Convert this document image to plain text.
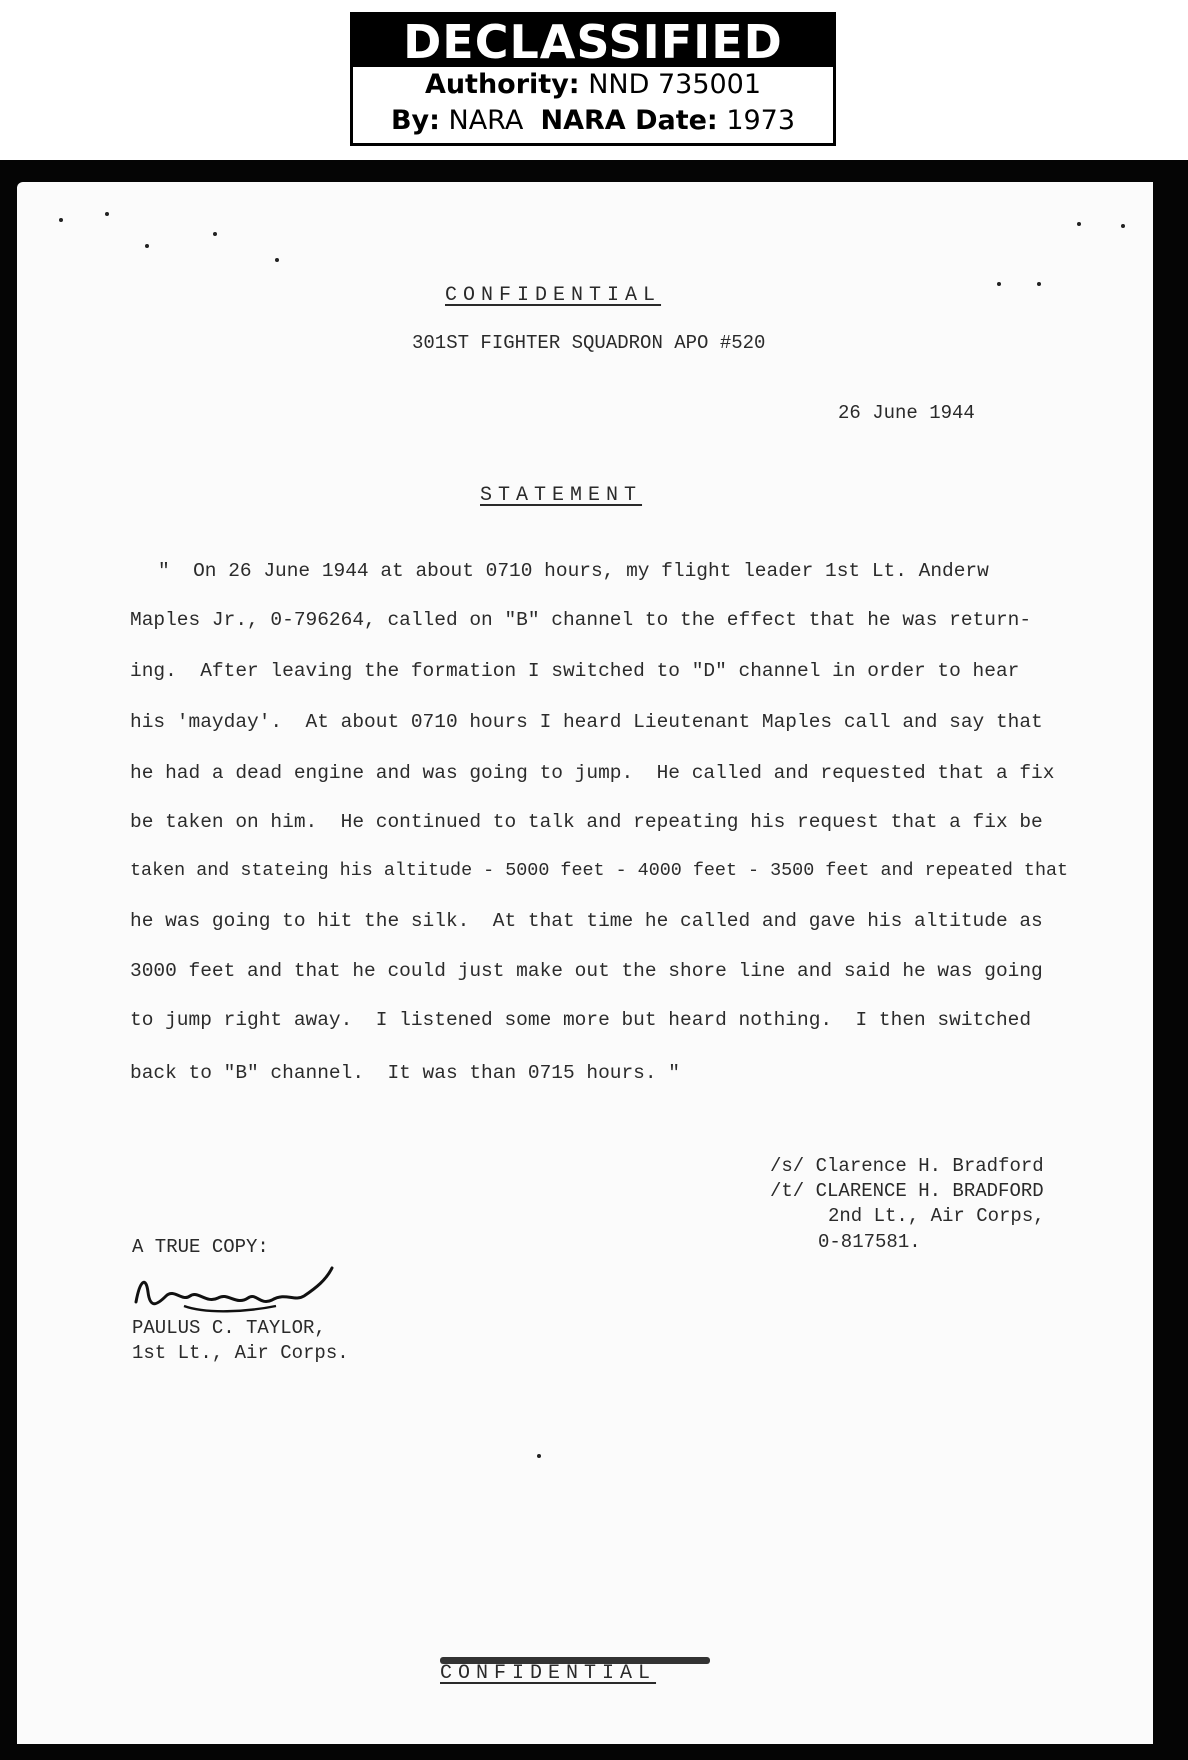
DECLASSIFIED
Authority: NND 735001
By: NARA NARA Date: 1973
CONFIDENTIAL
301ST FIGHTER SQUADRON APO #520
26 June 1944
STATEMENT
"  On 26 June 1944 at about 0710 hours, my flight leader 1st Lt. Anderw
Maples Jr., 0-796264, called on "B" channel to the effect that he was return-
ing.  After leaving the formation I switched to "D" channel in order to hear
his 'mayday'.  At about 0710 hours I heard Lieutenant Maples call and say that
he had a dead engine and was going to jump.  He called and requested that a fix
be taken on him.  He continued to talk and repeating his request that a fix be
taken and stateing his altitude - 5000 feet - 4000 feet - 3500 feet and repeated that
he was going to hit the silk.  At that time he called and gave his altitude as
3000 feet and that he could just make out the shore line and said he was going
to jump right away.  I listened some more but heard nothing.  I then switched
back to "B" channel.  It was than 0715 hours. "
/s/ Clarence H. Bradford
/t/ CLARENCE H. BRADFORD
2nd Lt., Air Corps,
0-817581.
A TRUE COPY:
PAULUS C. TAYLOR,
1st Lt., Air Corps.
CONFIDENTIAL
